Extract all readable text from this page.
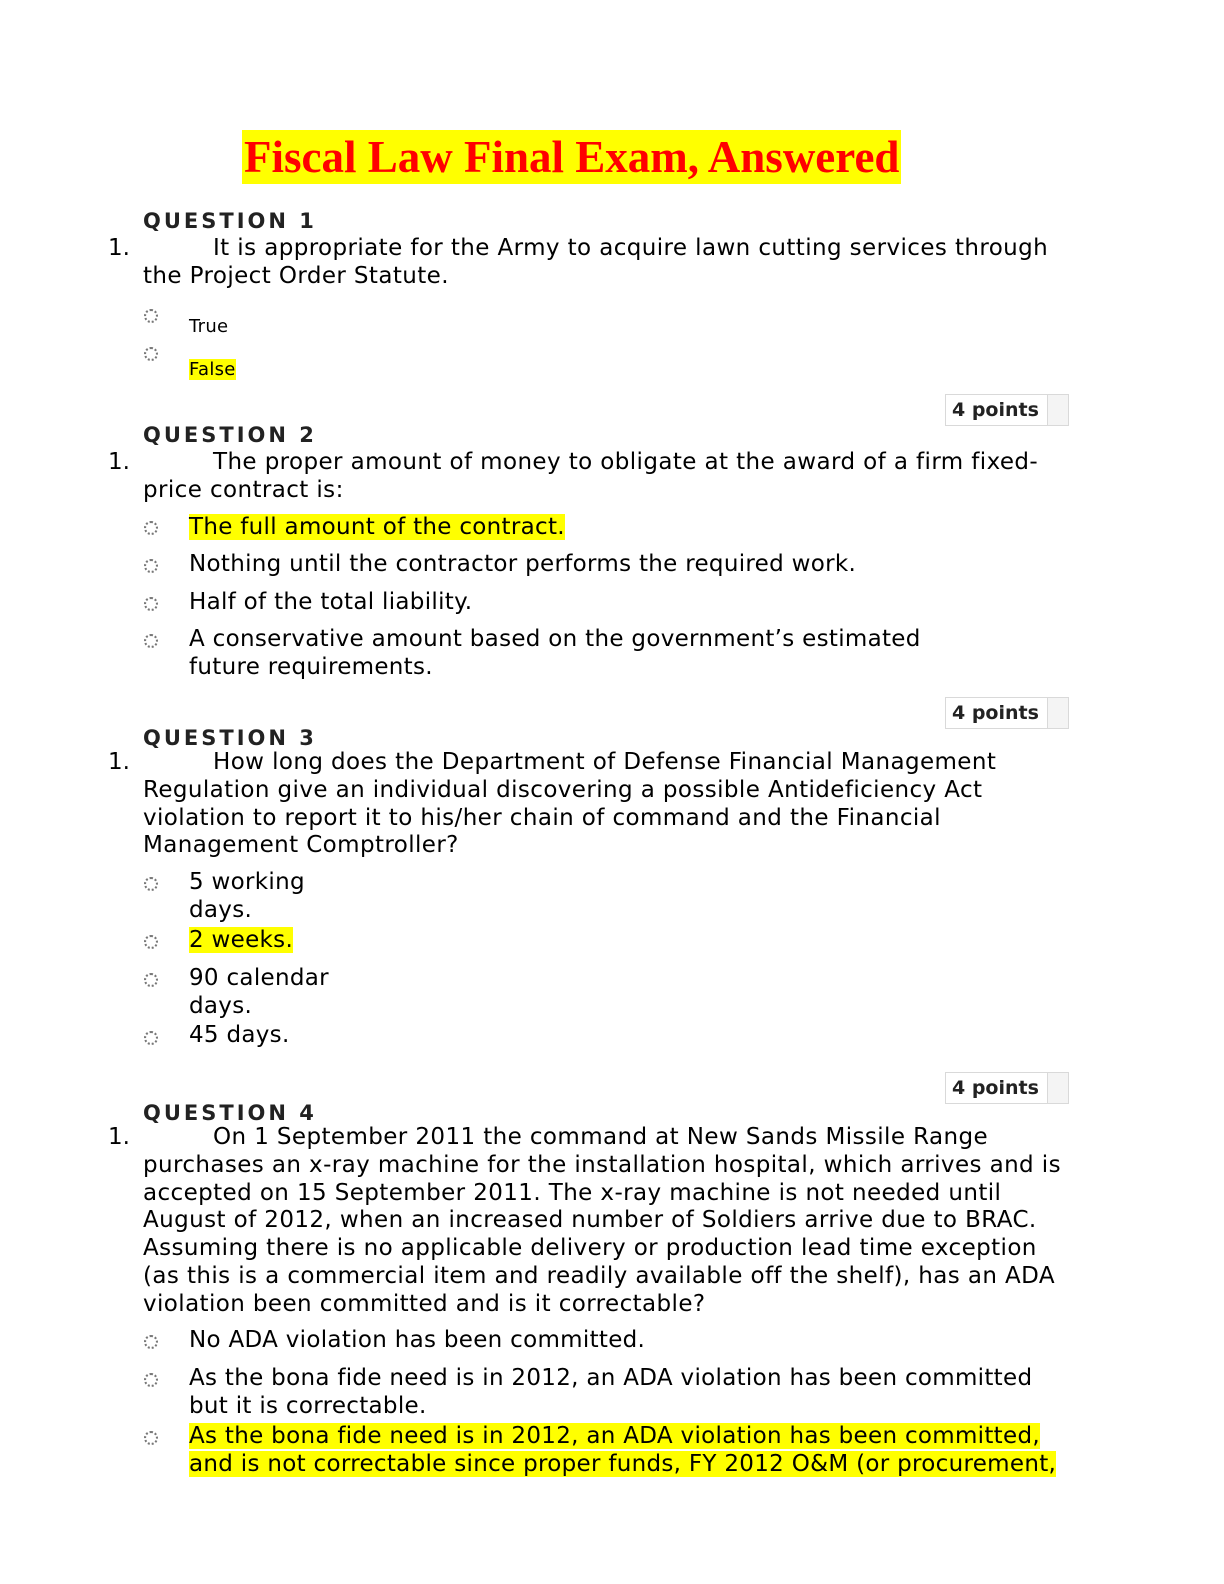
Fiscal Law Final Exam, Answered
QUESTION 1
1.	It is appropriate for the Army to acquire lawn cutting services through the Project Order Statute.
True
False
4 points
QUESTION 2
1.	The proper amount of money to obligate at the award of a firm fixed-price contract is:
The full amount of the contract.
Nothing until the contractor performs the required work.
Half of the total liability.
A conservative amount based on the government’s estimated future requirements.
4 points
QUESTION 3
1.	How long does the Department of Defense Financial Management Regulation give an individual discovering a possible Antideficiency Act violation to report it to his/her chain of command and the Financial Management Comptroller?
5 working days.
2 weeks.
90 calendar days.
45 days.
4 points
QUESTION 4
1.	On 1 September 2011 the command at New Sands Missile Range purchases an x-ray machine for the installation hospital, which arrives and is accepted on 15 September 2011. The x-ray machine is not needed until August of 2012, when an increased number of Soldiers arrive due to BRAC. Assuming there is no applicable delivery or production lead time exception (as this is a commercial item and readily available off the shelf), has an ADA violation been committed and is it correctable?
No ADA violation has been committed.
As the bona fide need is in 2012, an ADA violation has been committed but it is correctable.
As the bona fide need is in 2012, an ADA violation has been committed, and is not correctable since proper funds, FY 2012 O&M (or procurement,
